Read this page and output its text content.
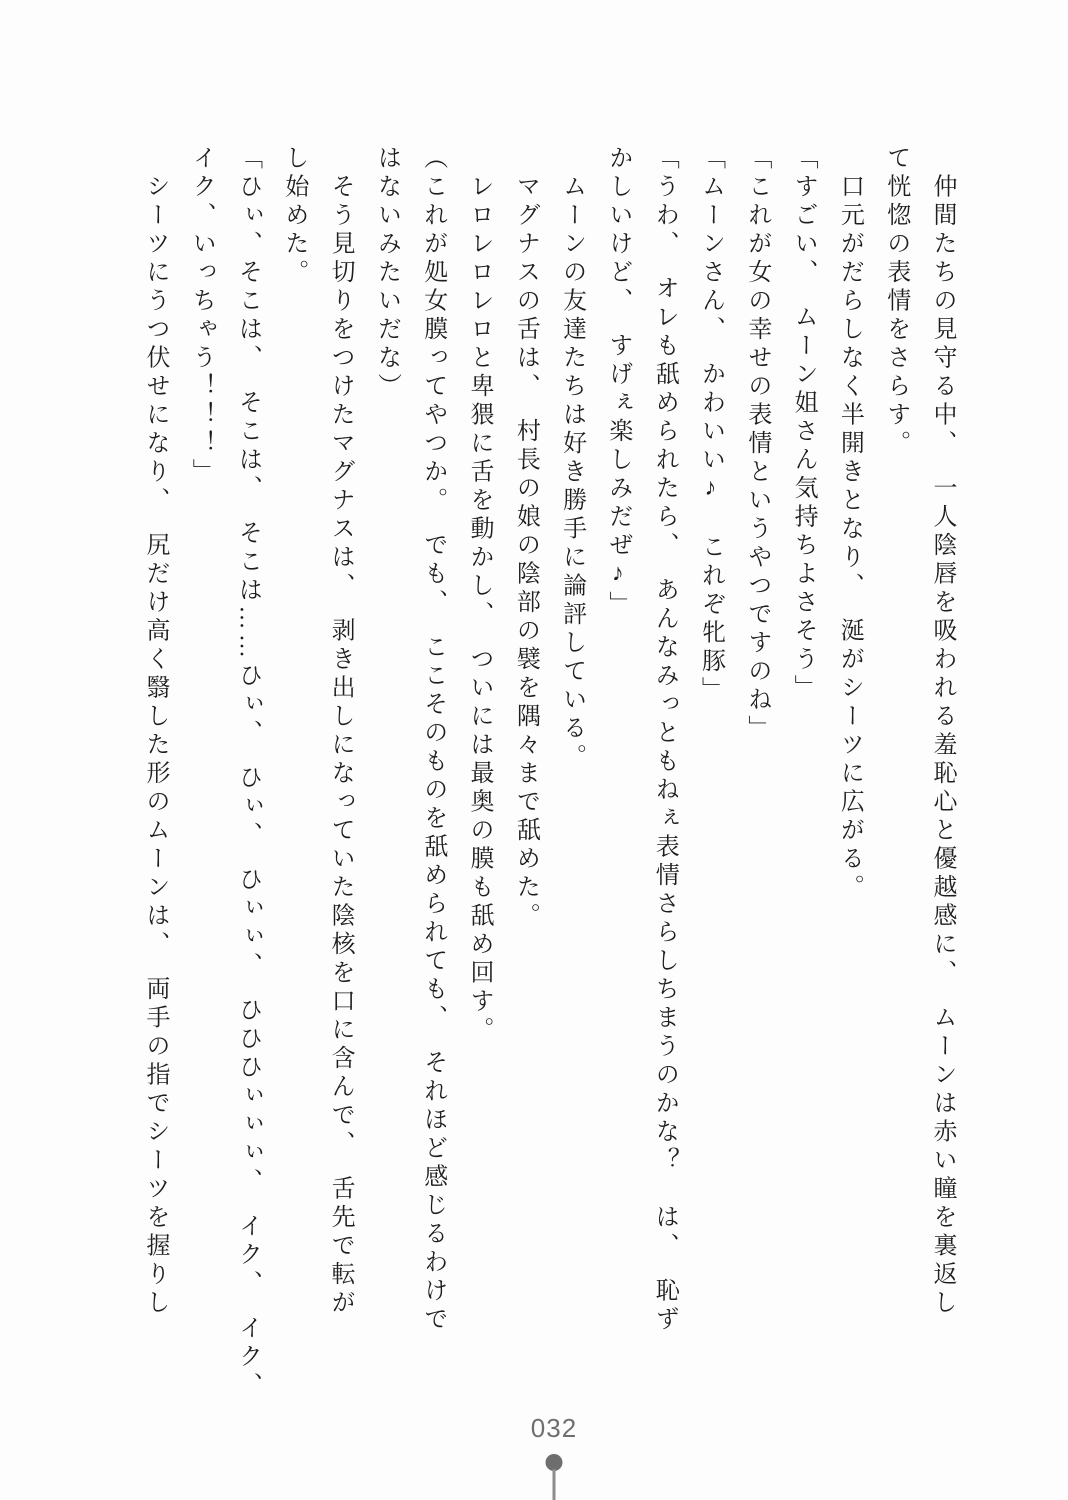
　仲間たちの見守る中、　一人陰唇を吸われる羞恥心と優越感に、　ムーンは赤い瞳を裏返し
て恍惚の表情をさらす。
　口元がだらしなく半開きとなり、　涎がシーツに広がる。
「すごい、　ムーン姐さん気持ちよさそう」
「これが女の幸せの表情というやつですのね」
「ムーンさん、　かわいい♪　これぞ牝豚」
「うわ、　オレも舐められたら、　あんなみっともねぇ表情さらしちまうのかな？　は、　恥ず
かしいけど、　すげぇ楽しみだぜ♪」
　ムーンの友達たちは好き勝手に論評している。
　マグナスの舌は、　村長の娘の陰部の襞を隅々まで舐めた。
　レロレロレロと卑猥に舌を動かし、　ついには最奥の膜も舐め回す。
（これが処女膜ってやつか。　でも、　ここそのものを舐められても、　それほど感じるわけで
はないみたいだな）
　そう見切りをつけたマグナスは、　剥き出しになっていた陰核を口に含んで、　舌先で転が
し始めた。
「ひぃ、そこは、　そこは、　そこは……ひぃ、　ひぃ、　ひぃぃ、　ひひひぃぃぃ、　イク、　イク、
イク、いっちゃう！！！」
　シーツにうつ伏せになり、　尻だけ高く翳した形のムーンは、　両手の指でシーツを握りし
032
